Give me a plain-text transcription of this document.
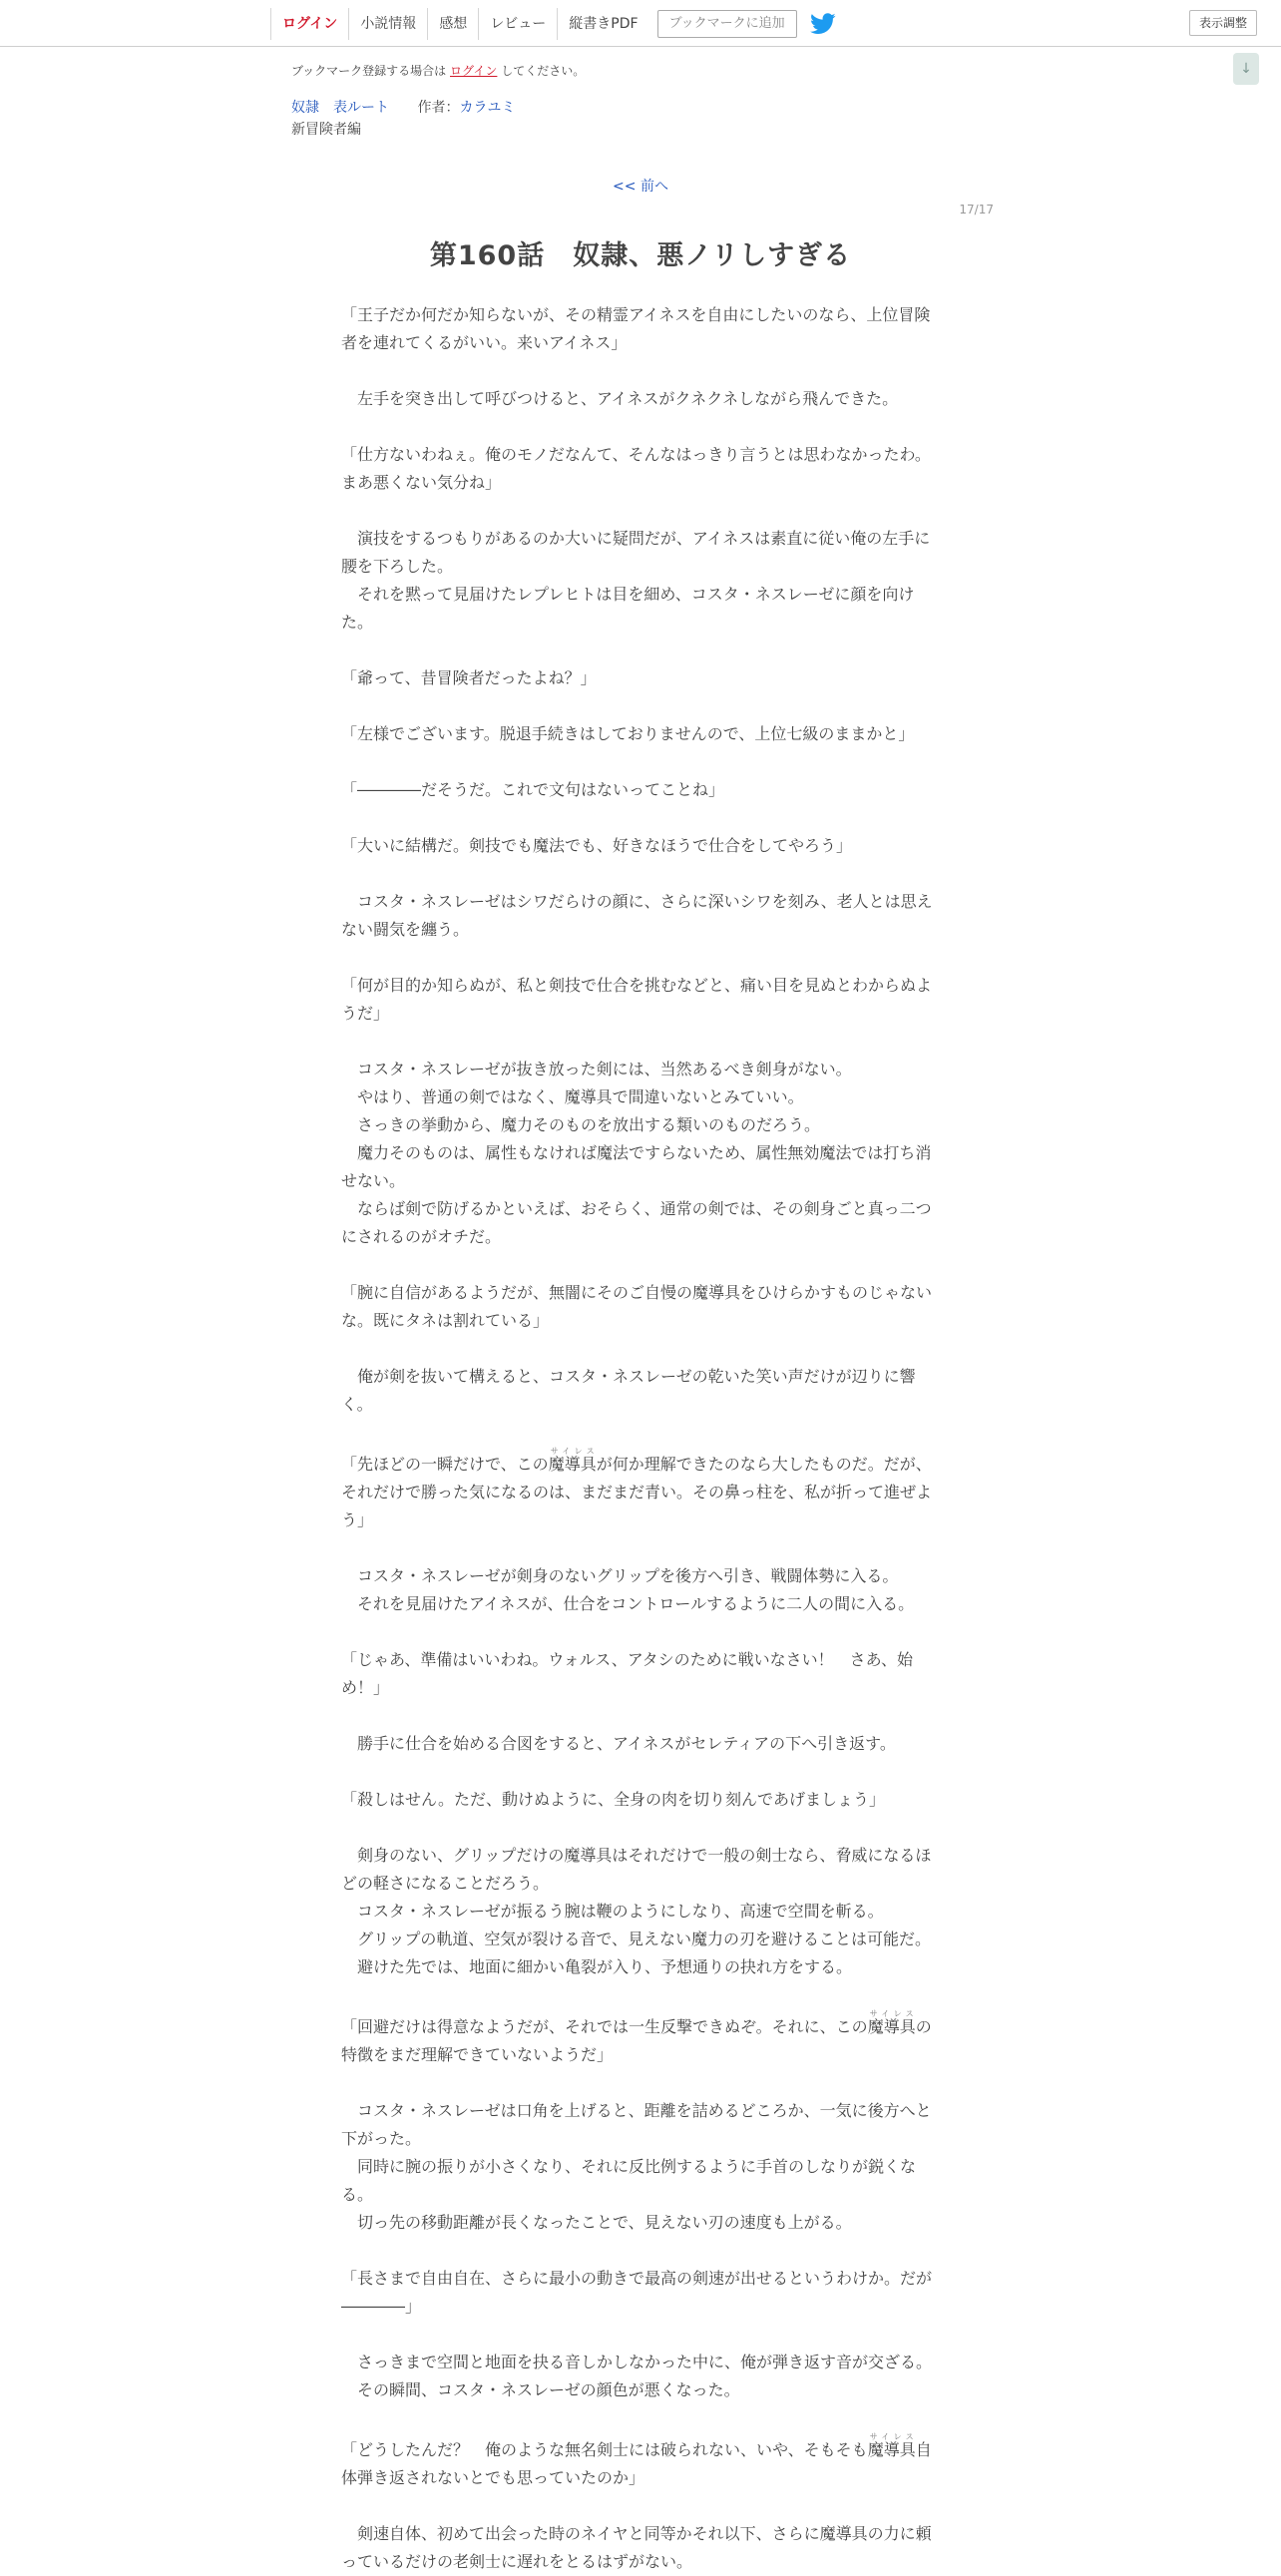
ログイン	小説情報	感想	レビュー	縦書きPDF	ブックマークに追加	表示調整
ブックマーク登録する場合は ログイン してください。	↓
奴隷　表ルート 作者：カラユミ
新冒険者編
<< 前へ
17/17
第160話　奴隷、悪ノリしすぎる

「王子だか何だか知らないが、その精霊アイネスを自由にしたいのなら、上位冒険者を連れてくるがいい。来いアイネス」

　左手を突き出して呼びつけると、アイネスがクネクネしながら飛んできた。

「仕方ないわねぇ。俺のモノだなんて、そんなはっきり言うとは思わなかったわ。まあ悪くない気分ね」

　演技をするつもりがあるのか大いに疑問だが、アイネスは素直に従い俺の左手に腰を下ろした。

　それを黙って見届けたレプレヒトは目を細め、コスタ・ネスレーゼに顔を向けた。

「爺って、昔冒険者だったよね？」

「左様でございます。脱退手続きはしておりませんので、上位七級のままかと」

「――――だそうだ。これで文句はないってことね」

「大いに結構だ。剣技でも魔法でも、好きなほうで仕合をしてやろう」

　コスタ・ネスレーゼはシワだらけの顔に、さらに深いシワを刻み、老人とは思えない闘気を纏う。

「何が目的か知らぬが、私と剣技で仕合を挑むなどと、痛い目を見ぬとわからぬようだ」

　コスタ・ネスレーゼが抜き放った剣には、当然あるべき剣身がない。

　やはり、普通の剣ではなく、魔導具で間違いないとみていい。

　さっきの挙動から、魔力そのものを放出する類いのものだろう。

　魔力そのものは、属性もなければ魔法ですらないため、属性無効魔法では打ち消せない。

　ならば剣で防げるかといえば、おそらく、通常の剣では、その剣身ごと真っ二つにされるのがオチだ。

「腕に自信があるようだが、無闇にそのご自慢の魔導具をひけらかすものじゃないな。既にタネは割れている」

　俺が剣を抜いて構えると、コスタ・ネスレーゼの乾いた笑い声だけが辺りに響く。

「先ほどの一瞬だけで、この魔導具サイレスが何か理解できたのなら大したものだ。だが、それだけで勝った気になるのは、まだまだ青い。その鼻っ柱を、私が折って進ぜよう」

　コスタ・ネスレーゼが剣身のないグリップを後方へ引き、戦闘体勢に入る。

　それを見届けたアイネスが、仕合をコントロールするように二人の間に入る。

「じゃあ、準備はいいわね。ウォルス、アタシのために戦いなさい！　さあ、始め！」

　勝手に仕合を始める合図をすると、アイネスがセレティアの下へ引き返す。

「殺しはせん。ただ、動けぬように、全身の肉を切り刻んであげましょう」

　剣身のない、グリップだけの魔導具はそれだけで一般の剣士なら、脅威になるほどの軽さになることだろう。

　コスタ・ネスレーゼが振るう腕は鞭のようにしなり、高速で空間を斬る。

　グリップの軌道、空気が裂ける音で、見えない魔力の刃を避けることは可能だ。

　避けた先では、地面に細かい亀裂が入り、予想通りの抉れ方をする。

「回避だけは得意なようだが、それでは一生反撃できぬぞ。それに、この魔導具サイレスの特徴をまだ理解できていないようだ」

　コスタ・ネスレーゼは口角を上げると、距離を詰めるどころか、一気に後方へと下がった。

　同時に腕の振りが小さくなり、それに反比例するように手首のしなりが鋭くなる。

　切っ先の移動距離が長くなったことで、見えない刃の速度も上がる。

「長さまで自由自在、さらに最小の動きで最高の剣速が出せるというわけか。だが――――」

　さっきまで空間と地面を抉る音しかしなかった中に、俺が弾き返す音が交ざる。

　その瞬間、コスタ・ネスレーゼの顔色が悪くなった。

「どうしたんだ？　俺のような無名剣士には破られない、いや、そもそも魔導具サイレス自体弾き返されないとでも思っていたのか」

　剣速自体、初めて出会った時のネイヤと同等かそれ以下、さらに魔導具の力に頼っているだけの老剣士に遅れをとるはずがない。
